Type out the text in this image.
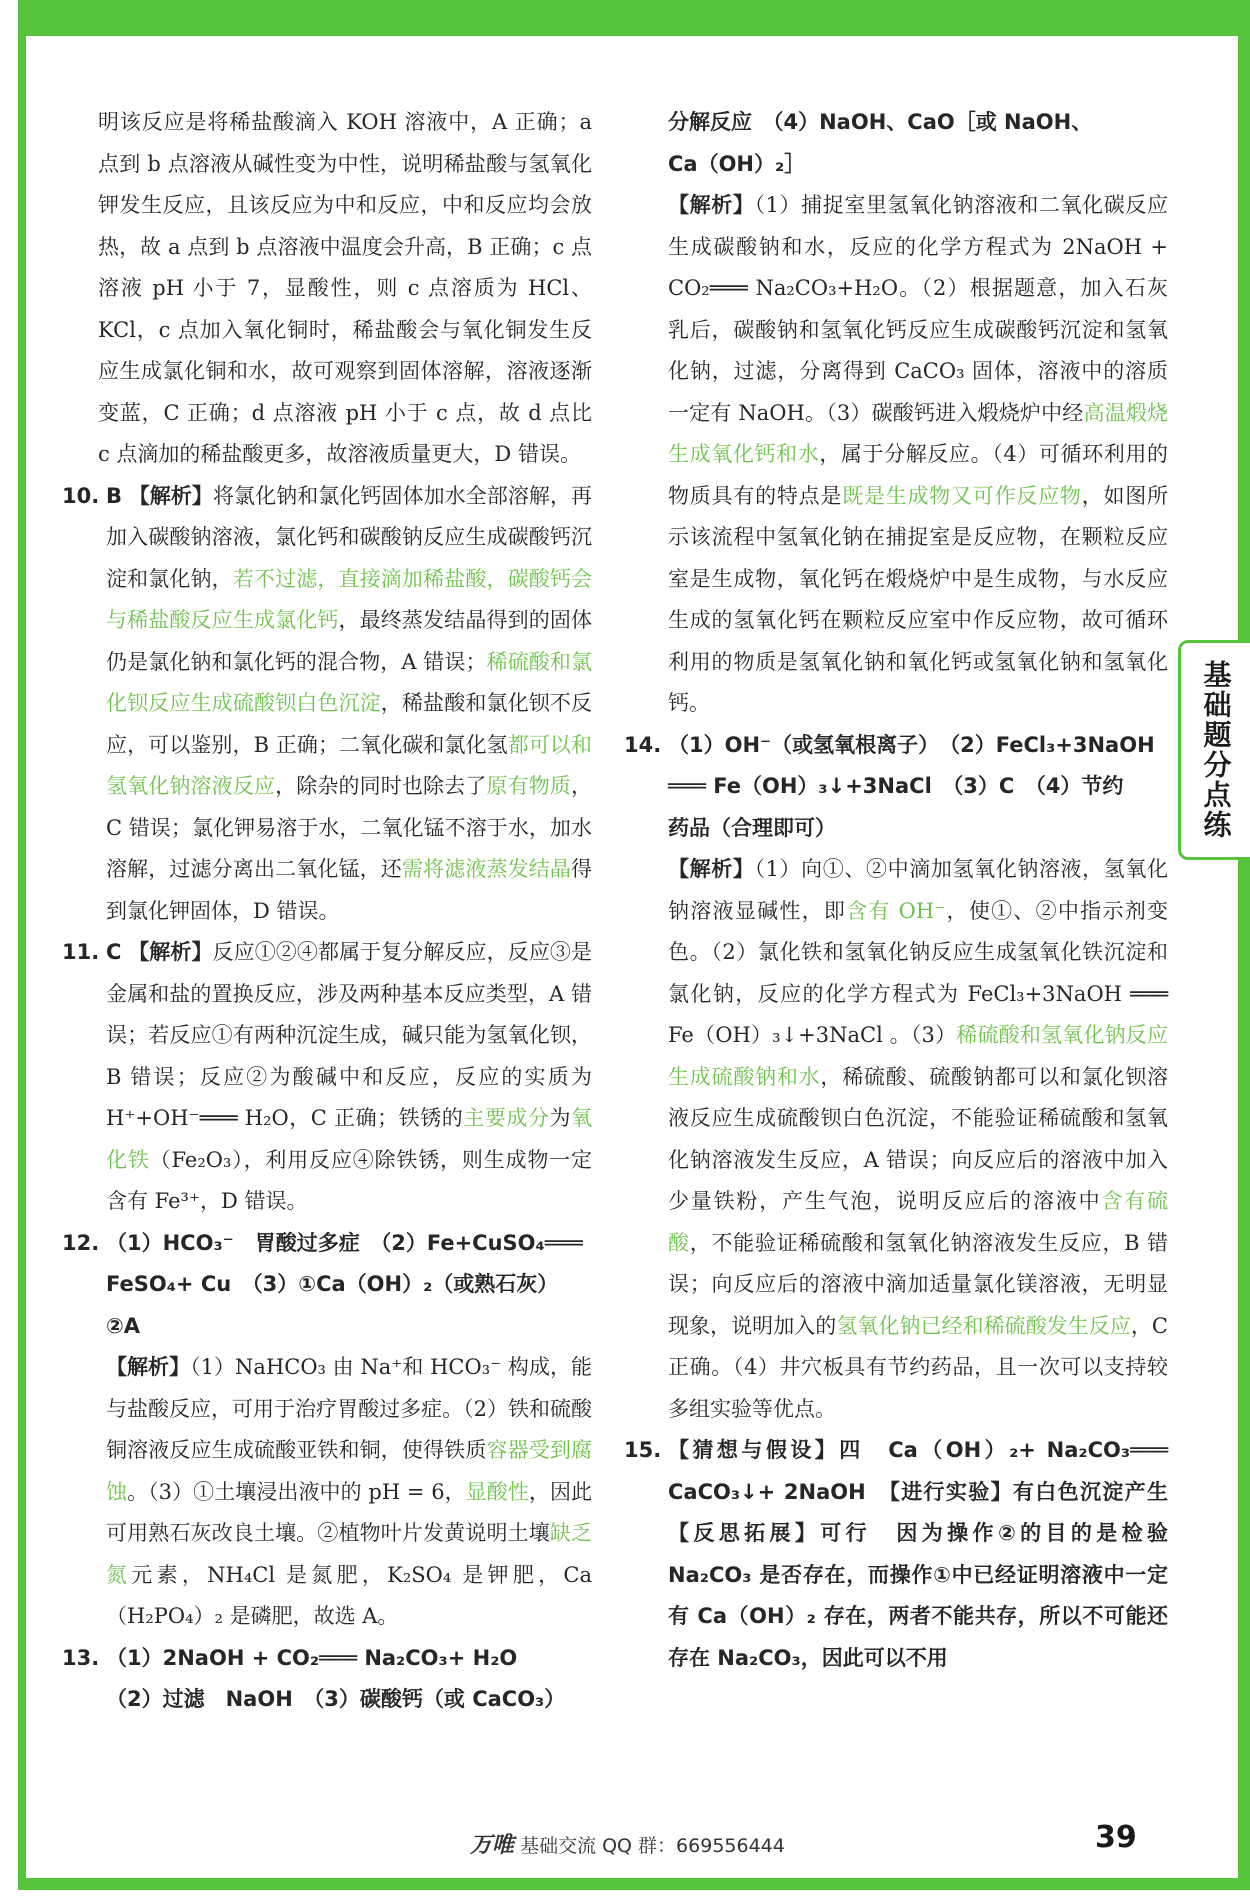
基础题分点练

明该反应是将稀盐酸滴入 KOH 溶液中，A 正确；a 点到 b 点溶液从碱性变为中性，说明稀盐酸与氢氧化钾发生反应，且该反应为中和反应，中和反应均会放热，故 a 点到 b 点溶液中温度会升高，B 正确；c 点溶液 pH 小于 7，显酸性，则 c 点溶质为 HCl、KCl，c 点加入氧化铜时，稀盐酸会与氧化铜发生反应生成氯化铜和水，故可观察到固体溶解，溶液逐渐变蓝，C 正确；d 点溶液 pH 小于 c 点，故 d 点比 c 点滴加的稀盐酸更多，故溶液质量更大，D 错误。

10. B 【解析】将氯化钠和氯化钙固体加水全部溶解，再加入碳酸钠溶液，氯化钙和碳酸钠反应生成碳酸钙沉淀和氯化钠，若不过滤，直接滴加稀盐酸，碳酸钙会与稀盐酸反应生成氯化钙，最终蒸发结晶得到的固体仍是氯化钠和氯化钙的混合物，A 错误；稀硫酸和氯化钡反应生成硫酸钡白色沉淀，稀盐酸和氯化钡不反应，可以鉴别，B 正确；二氧化碳和氯化氢都可以和氢氧化钠溶液反应，除杂的同时也除去了原有物质，C 错误；氯化钾易溶于水，二氧化锰不溶于水，加水溶解，过滤分离出二氧化锰，还需将滤液蒸发结晶得到氯化钾固体，D 错误。
11. C 【解析】反应①②④都属于复分解反应，反应③是金属和盐的置换反应，涉及两种基本反应类型，A 错误；若反应①有两种沉淀生成，碱只能为氢氧化钡，B 错误；反应②为酸碱中和反应，反应的实质为 H⁺+OH⁻═══ H₂O，C 正确；铁锈的主要成分为氧化铁（Fe₂O₃），利用反应④除铁锈，则生成物一定含有 Fe³⁺，D 错误。
12. （1）HCO₃⁻　胃酸过多症　（2）Fe+CuSO₄═══
FeSO₄+ Cu　（3）①Ca（OH）₂（或熟石灰）
②A
【解析】（1）NaHCO₃ 由 Na⁺和 HCO₃⁻ 构成，能与盐酸反应，可用于治疗胃酸过多症。（2）铁和硫酸铜溶液反应生成硫酸亚铁和铜，使得铁质容器受到腐蚀。（3）①土壤浸出液中的 pH = 6，显酸性，因此可用熟石灰改良土壤。②植物叶片发黄说明土壤缺乏氮元素，NH₄Cl 是氮肥，K₂SO₄ 是钾肥，Ca（H₂PO₄）₂ 是磷肥，故选 A。
13. （1）2NaOH + CO₂═══ Na₂CO₃+ H₂O
（2）过滤　NaOH　（3）碳酸钙（或 CaCO₃）
分解反应　（4）NaOH、CaO［或 NaOH、
Ca（OH）₂］

【解析】（1）捕捉室里氢氧化钠溶液和二氧化碳反应生成碳酸钠和水，反应的化学方程式为 2NaOH + CO₂═══ Na₂CO₃+H₂O。（2）根据题意，加入石灰乳后，碳酸钠和氢氧化钙反应生成碳酸钙沉淀和氢氧化钠，过滤，分离得到 CaCO₃ 固体，溶液中的溶质一定有 NaOH。（3）碳酸钙进入煅烧炉中经高温煅烧生成氧化钙和水，属于分解反应。（4）可循环利用的物质具有的特点是既是生成物又可作反应物，如图所示该流程中氢氧化钠在捕捉室是反应物，在颗粒反应室是生成物，氧化钙在煅烧炉中是生成物，与水反应生成的氢氧化钙在颗粒反应室中作反应物，故可循环利用的物质是氢氧化钠和氧化钙或氢氧化钠和氢氧化钙。

14. （1）OH⁻（或氢氧根离子）　（2）FeCl₃+3NaOH
═══ Fe（OH）₃↓+3NaCl　（3）C　（4）节约
药品（合理即可）
【解析】（1）向①、②中滴加氢氧化钠溶液，氢氧化钠溶液显碱性，即含有 OH⁻，使①、②中指示剂变色。（2）氯化铁和氢氧化钠反应生成氢氧化铁沉淀和氯化钠，反应的化学方程式为 FeCl₃+3NaOH ═══ Fe（OH）₃↓+3NaCl 。（3）稀硫酸和氢氧化钠反应生成硫酸钠和水，稀硫酸、硫酸钠都可以和氯化钡溶液反应生成硫酸钡白色沉淀，不能验证稀硫酸和氢氧化钠溶液发生反应，A 错误；向反应后的溶液中加入少量铁粉，产生气泡，说明反应后的溶液中含有硫酸，不能验证稀硫酸和氢氧化钠溶液发生反应，B 错误；向反应后的溶液中滴加适量氯化镁溶液，无明显现象，说明加入的氢氧化钠已经和稀硫酸发生反应，C 正确。（4）井穴板具有节约药品，且一次可以支持较多组实验等优点。
15. 【猜想与假设】四　Ca（OH）₂+ Na₂CO₃═══ CaCO₃↓+ 2NaOH　【进行实验】有白色沉淀产生　【反思拓展】可行　因为操作②的目的是检验 Na₂CO₃ 是否存在，而操作①中已经证明溶液中一定有 Ca（OH）₂ 存在，两者不能共存，所以不可能还存在 Na₂CO₃，因此可以不用
万唯 基础交流 QQ 群：669556444	39
